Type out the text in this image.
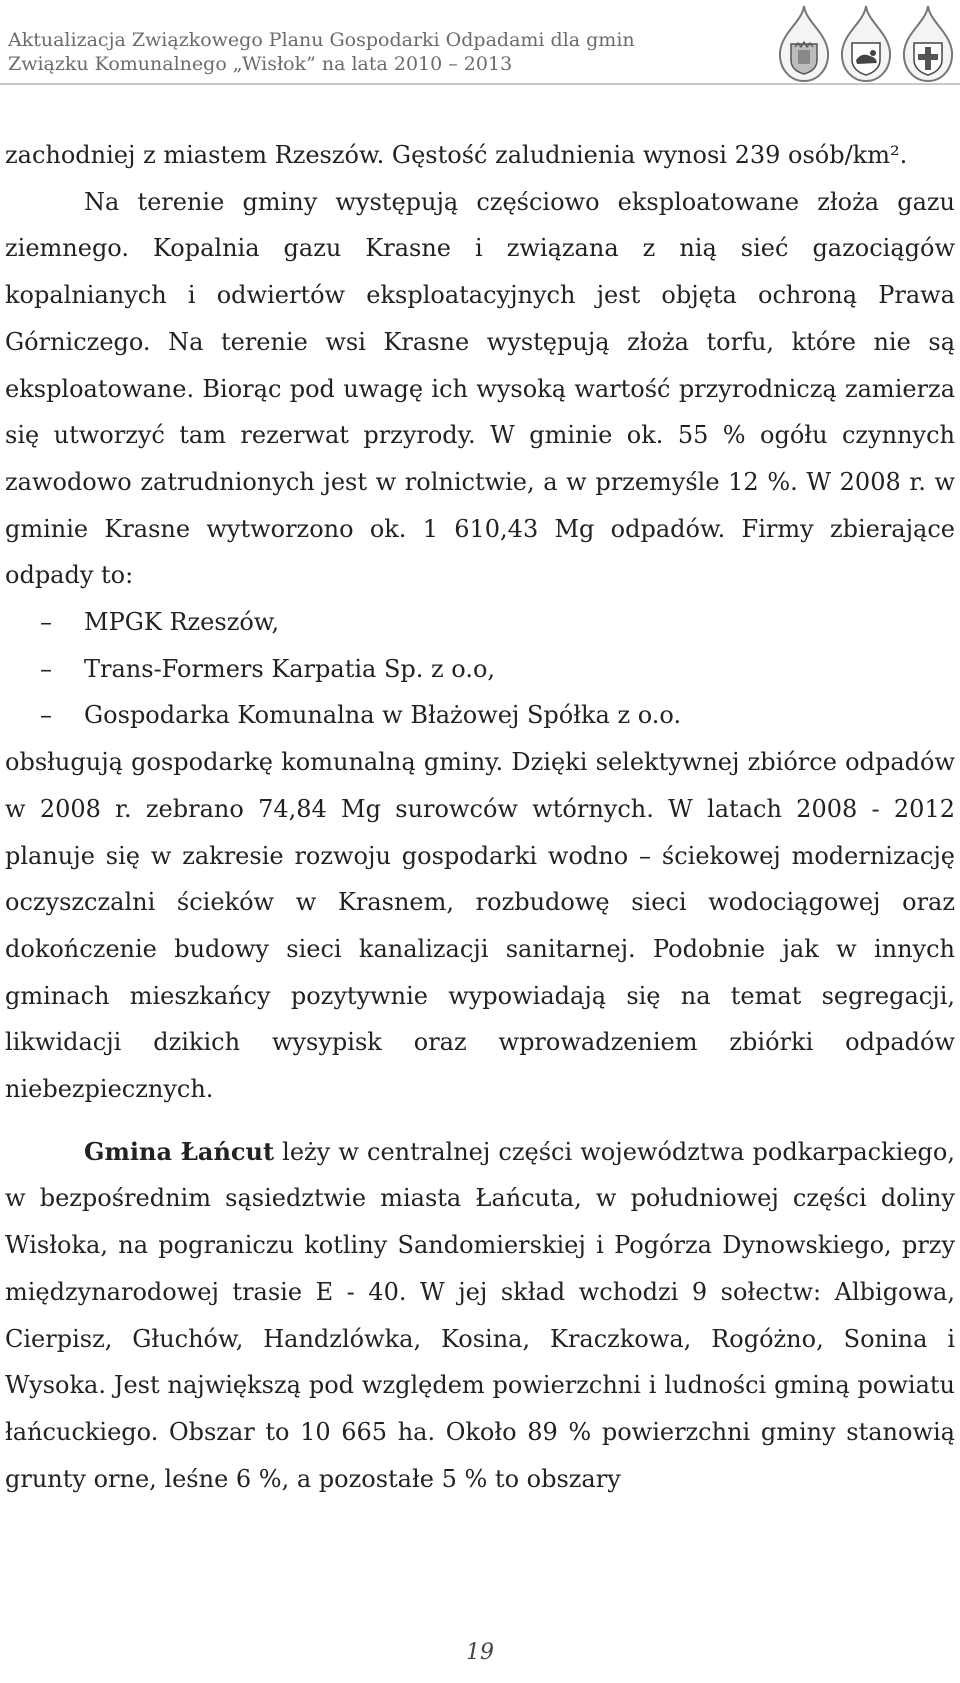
Aktualizacja Związkowego Planu Gospodarki Odpadami dla gmin
Związku Komunalnego „Wisłok” na lata 2010 – 2013

zachodniej z miastem Rzeszów. Gęstość zaludnienia wynosi 239 osób/km².

Na terenie gminy występują częściowo eksploatowane złoża gazu ziemnego. Kopalnia gazu Krasne i związana z nią sieć gazociągów kopalnianych i odwiertów eksploatacyjnych jest objęta ochroną Prawa Górniczego. Na terenie wsi Krasne występują złoża torfu, które nie są eksploatowane. Biorąc pod uwagę ich wysoką wartość przyrodniczą zamierza się utworzyć tam rezerwat przyrody. W gminie ok. 55 % ogółu czynnych zawodowo zatrudnionych jest w rolnictwie, a w przemyśle 12 %. W 2008 r. w gminie Krasne wytworzono ok. 1 610,43 Mg odpadów. Firmy zbierające odpady to:

– MPGK Rzeszów,
– Trans-Formers Karpatia Sp. z o.o,
– Gospodarka Komunalna w Błażowej Spółka z o.o.

obsługują gospodarkę komunalną gminy. Dzięki selektywnej zbiórce odpadów w 2008 r. zebrano 74,84 Mg surowców wtórnych. W latach 2008 - 2012 planuje się w zakresie rozwoju gospodarki wodno – ściekowej modernizację oczyszczalni ścieków w Krasnem, rozbudowę sieci wodociągowej oraz dokończenie budowy sieci kanalizacji sanitarnej. Podobnie jak w innych gminach mieszkańcy pozytywnie wypowiadają się na temat segregacji, likwidacji dzikich wysypisk oraz wprowadzeniem zbiórki odpadów niebezpiecznych.

Gmina Łańcut leży w centralnej części województwa podkarpackiego, w bezpośrednim sąsiedztwie miasta Łańcuta, w południowej części doliny Wisłoka, na pograniczu kotliny Sandomierskiej i Pogórza Dynowskiego, przy międzynarodowej trasie E - 40. W jej skład wchodzi 9 sołectw: Albigowa, Cierpisz, Głuchów, Handzlówka, Kosina, Kraczkowa, Rogóżno, Sonina i Wysoka. Jest największą pod względem powierzchni i ludności gminą powiatu łańcuckiego. Obszar to 10 665 ha. Około 89 % powierzchni gminy stanowią grunty orne, leśne 6 %, a pozostałe 5 % to obszary

19
